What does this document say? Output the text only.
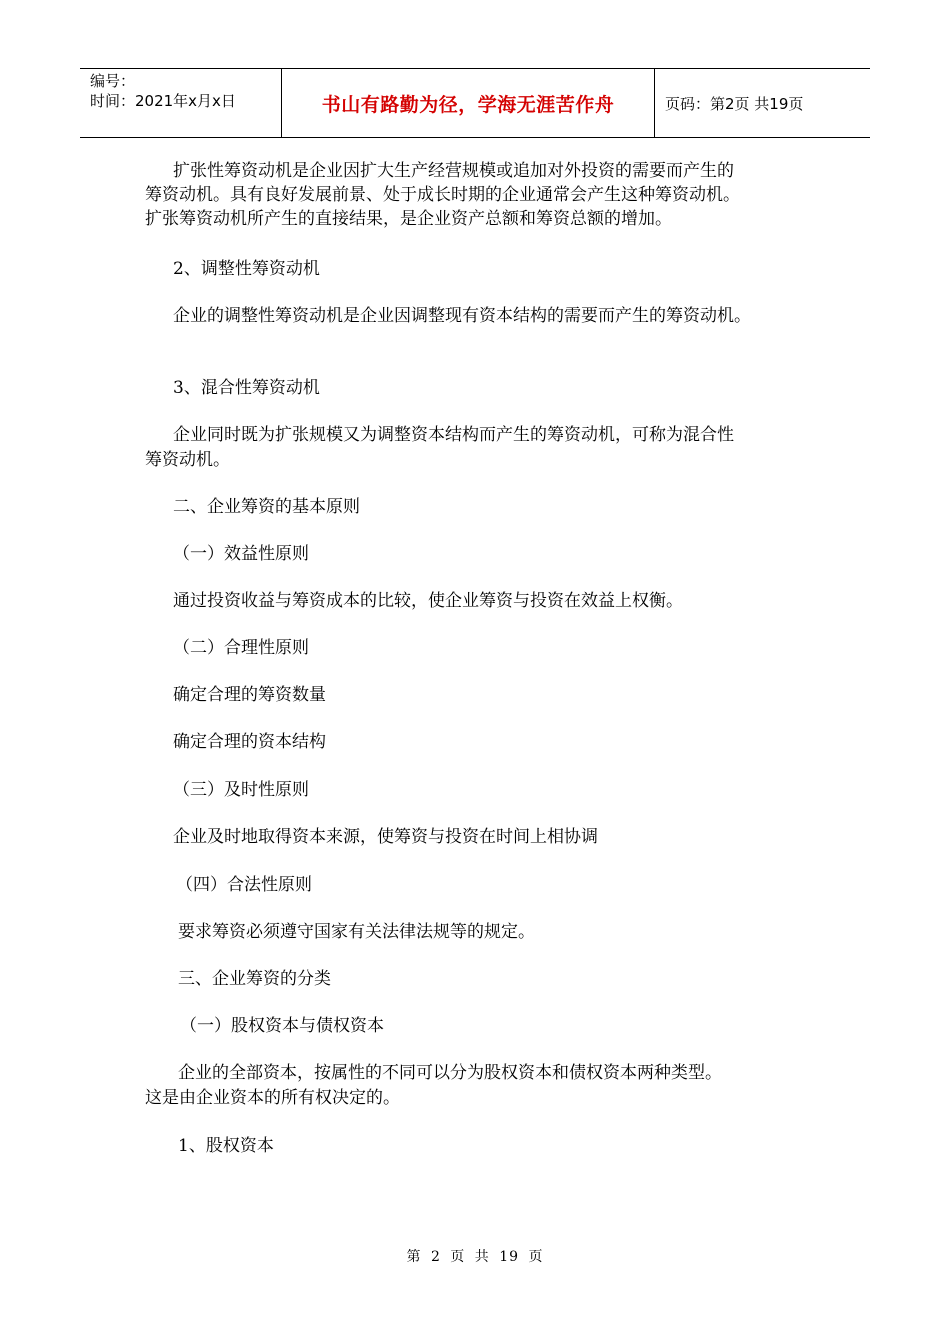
编号：
时间：2021年x月x日	书山有路勤为径，学海无涯苦作舟	页码：第2页 共19页
扩张性筹资动机是企业因扩大生产经营规模或追加对外投资的需要而产生的
筹资动机。具有良好发展前景、处于成长时期的企业通常会产生这种筹资动机。
扩张筹资动机所产生的直接结果，是企业资产总额和筹资总额的增加。
2、调整性筹资动机
企业的调整性筹资动机是企业因调整现有资本结构的需要而产生的筹资动机。
3、混合性筹资动机
企业同时既为扩张规模又为调整资本结构而产生的筹资动机，可称为混合性
筹资动机。
二、企业筹资的基本原则
（一）效益性原则
通过投资收益与筹资成本的比较，使企业筹资与投资在效益上权衡。
（二）合理性原则
确定合理的筹资数量
确定合理的资本结构
（三）及时性原则
企业及时地取得资本来源，使筹资与投资在时间上相协调
（四）合法性原则
要求筹资必须遵守国家有关法律法规等的规定。
三、企业筹资的分类
（一）股权资本与债权资本
企业的全部资本，按属性的不同可以分为股权资本和债权资本两种类型。
这是由企业资本的所有权决定的。
1、股权资本
第 2 页 共 19 页
